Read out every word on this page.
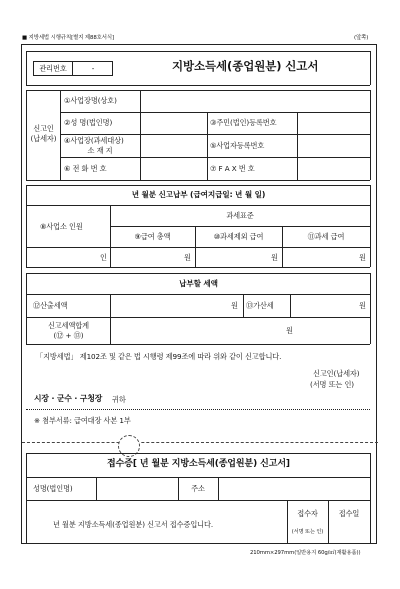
■ 지방세법 시행규칙[별지 제88호서식]	(앞쪽)
관리번호	-	지방소득세(종업원분) 신고서
신고인
(납세자)
①사업장명(상호)
②성 명(법인명)	③주민(법인)등록번호
④사업장(과세대상)
소 재 지
⑤사업자등록번호
⑥ 전 화 번 호	⑦ F A X 번 호
년 월분 신고납부 (급여지급일: 년 월 일)
⑧사업소 인원
과세표준
⑨급여 총액	⑩과세제외 급여	⑪과세 급여
인	원	원	원
납부할 세액
⑫산출세액	원 ⑬가산세	원
신고세액합계
(⑫ + ⑬)
원
「지방세법」 제102조 및 같은 법 시행령 제99조에 따라 위와 같이 신고합니다.
신고인(납세자)
(서명 또는 인)
시장 · 군수 · 구청장 귀하
※ 첨부서류: 급여대장 사본 1부
접수증[ 년 월분 지방소득세(종업원분) 신고서]
성명(법인명)	주소
년 월분 지방소득세(종업원분) 신고서 접수증입니다.
접수자
(서명 또는 인)
접수일
210mm×297mm(일반용지 60g/㎡(재활용품))
